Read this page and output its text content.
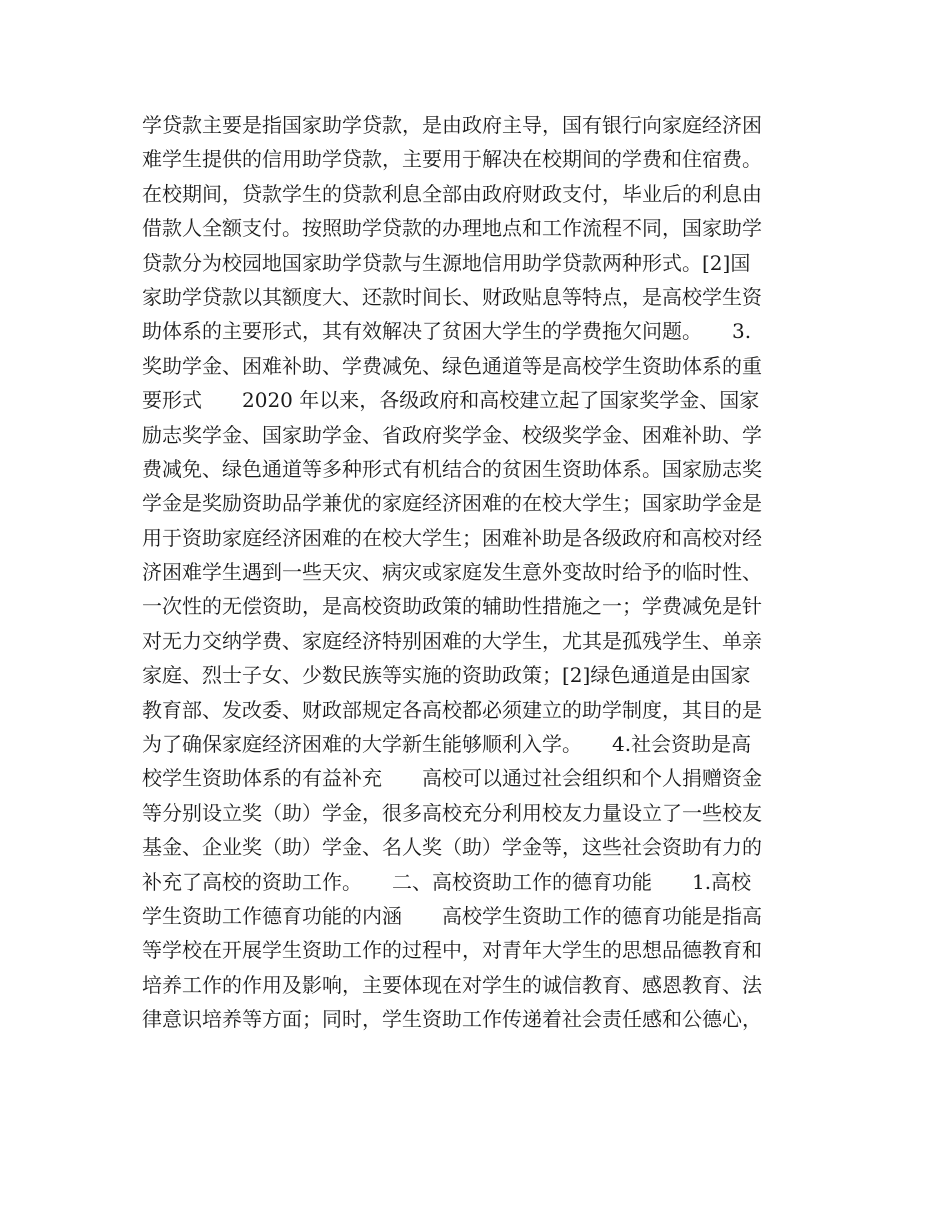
学贷款主要是指国家助学贷款，是由政府主导，国有银行向家庭经济困
难学生提供的信用助学贷款，主要用于解决在校期间的学费和住宿费。
在校期间，贷款学生的贷款利息全部由政府财政支付，毕业后的利息由
借款人全额支付。按照助学贷款的办理地点和工作流程不同，国家助学
贷款分为校园地国家助学贷款与生源地信用助学贷款两种形式。[2]国
家助学贷款以其额度大、还款时间长、财政贴息等特点，是高校学生资
助体系的主要形式，其有效解决了贫困大学生的学费拖欠问题。　　3.
奖助学金、困难补助、学费减免、绿色通道等是高校学生资助体系的重
要形式　　2020 年以来，各级政府和高校建立起了国家奖学金、国家
励志奖学金、国家助学金、省政府奖学金、校级奖学金、困难补助、学
费减免、绿色通道等多种形式有机结合的贫困生资助体系。国家励志奖
学金是奖励资助品学兼优的家庭经济困难的在校大学生；国家助学金是
用于资助家庭经济困难的在校大学生；困难补助是各级政府和高校对经
济困难学生遇到一些天灾、病灾或家庭发生意外变故时给予的临时性、
一次性的无偿资助，是高校资助政策的辅助性措施之一；学费减免是针
对无力交纳学费、家庭经济特别困难的大学生，尤其是孤残学生、单亲
家庭、烈士子女、少数民族等实施的资助政策；[2]绿色通道是由国家
教育部、发改委、财政部规定各高校都必须建立的助学制度，其目的是
为了确保家庭经济困难的大学新生能够顺利入学。　　4.社会资助是高
校学生资助体系的有益补充　　高校可以通过社会组织和个人捐赠资金
等分别设立奖（助）学金，很多高校充分利用校友力量设立了一些校友
基金、企业奖（助）学金、名人奖（助）学金等，这些社会资助有力的
补充了高校的资助工作。　　二、高校资助工作的德育功能　　1.高校
学生资助工作德育功能的内涵　　高校学生资助工作的德育功能是指高
等学校在开展学生资助工作的过程中，对青年大学生的思想品德教育和
培养工作的作用及影响，主要体现在对学生的诚信教育、感恩教育、法
律意识培养等方面；同时，学生资助工作传递着社会责任感和公德心，
